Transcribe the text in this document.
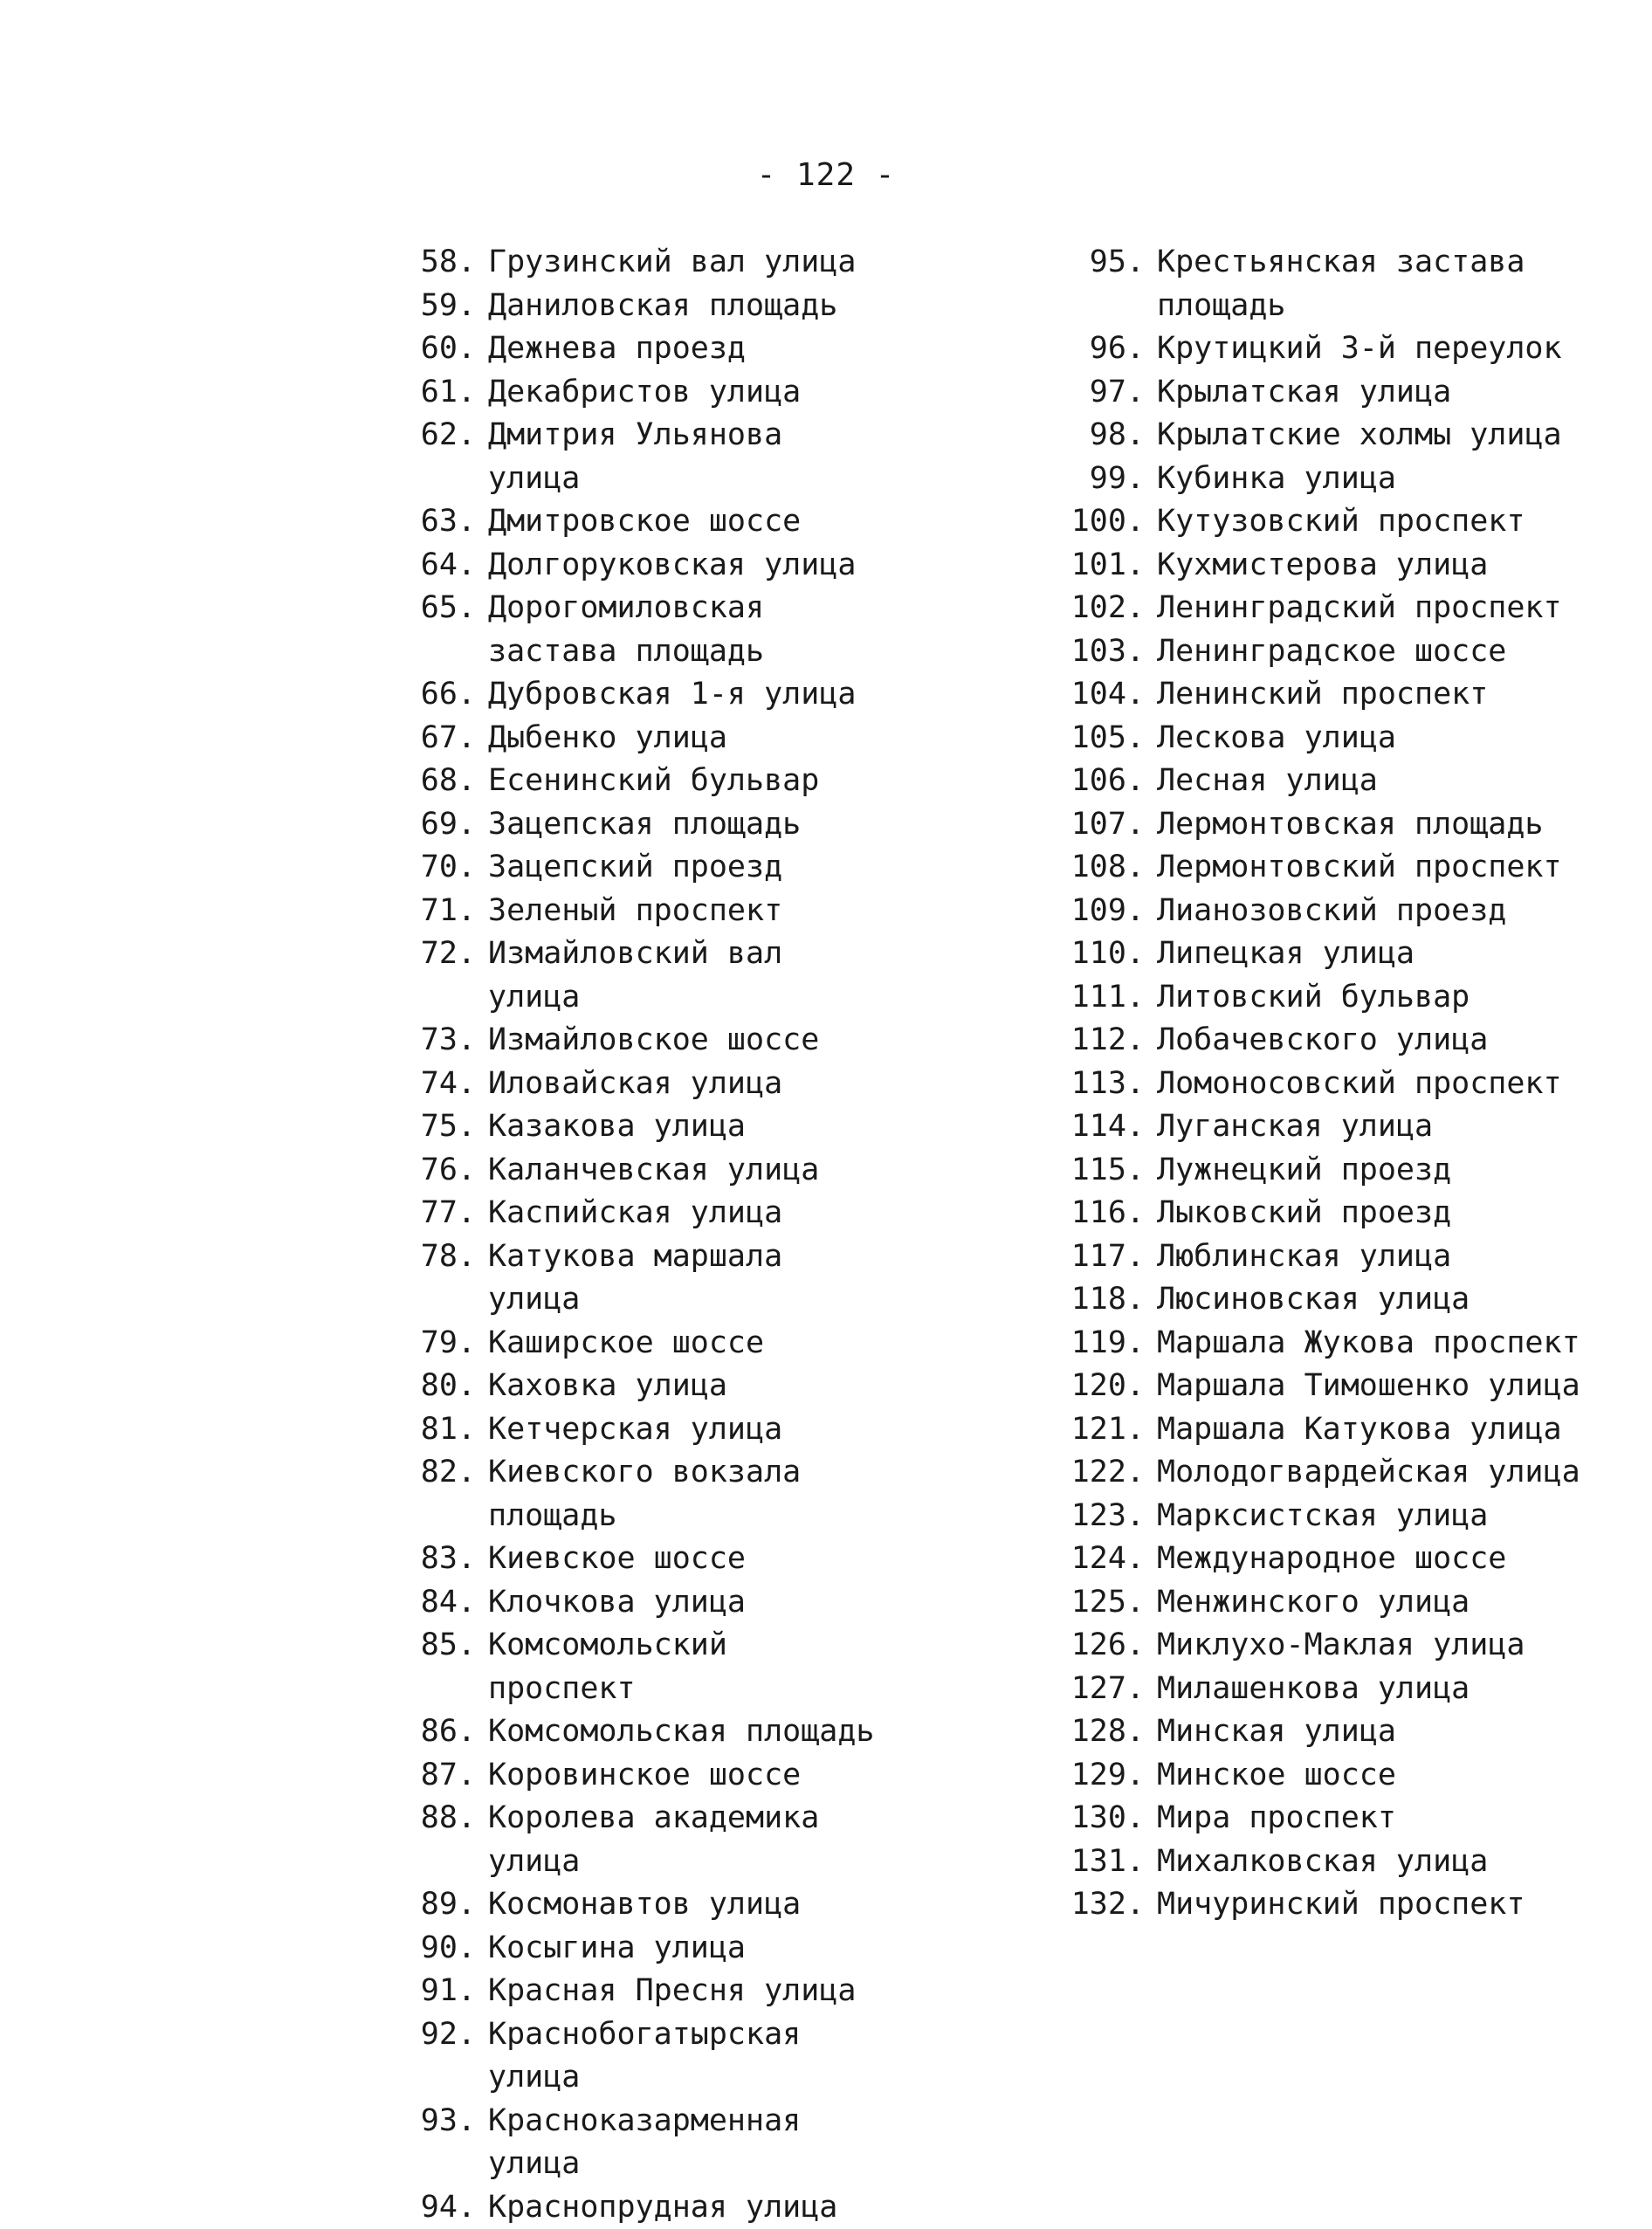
- 122 -
58. Грузинский вал улица
59. Даниловская площадь
60. Дежнева проезд
61. Декабристов улица
62. Дмитрия Ульянова улица
63. Дмитровское шоссе
64. Долгоруковская улица
65. Дорогомиловская застава площадь
66. Дубровская 1-я улица
67. Дыбенко улица
68. Есенинский бульвар
69. Зацепская площадь
70. Зацепский проезд
71. Зеленый проспект
72. Измайловский вал улица
73. Измайловское шоссе
74. Иловайская улица
75. Казакова улица
76. Каланчевская улица
77. Каспийская улица
78. Катукова маршала улица
79. Каширское шоссе
80. Каховка улица
81. Кетчерская улица
82. Киевского вокзала площадь
83. Киевское шоссе
84. Клочкова улица
85. Комсомольский проспект
86. Комсомольская площадь
87. Коровинское шоссе
88. Королева академика улица
89. Космонавтов улица
90. Косыгина улица
91. Красная Пресня улица
92. Краснобогатырская улица
93. Красноказарменная улица
94. Краснопрудная улица
95. Крестьянская застава площадь
96. Крутицкий 3-й переулок
97. Крылатская улица
98. Крылатские холмы улица
99. Кубинка улица
100. Кутузовский проспект
101. Кухмистерова улица
102. Ленинградский проспект
103. Ленинградское шоссе
104. Ленинский проспект
105. Лескова улица
106. Лесная улица
107. Лермонтовская площадь
108. Лермонтовский проспект
109. Лианозовский проезд
110. Липецкая улица
111. Литовский бульвар
112. Лобачевского улица
113. Ломоносовский проспект
114. Луганская улица
115. Лужнецкий проезд
116. Лыковский проезд
117. Люблинская улица
118. Люсиновская улица
119. Маршала Жукова проспект
120. Маршала Тимошенко улица
121. Маршала Катукова улица
122. Молодогвардейская улица
123. Марксистская улица
124. Международное шоссе
125. Менжинского улица
126. Миклухо-Маклая улица
127. Милашенкова улица
128. Минская улица
129. Минское шоссе
130. Мира проспект
131. Михалковская улица
132. Мичуринский проспект
